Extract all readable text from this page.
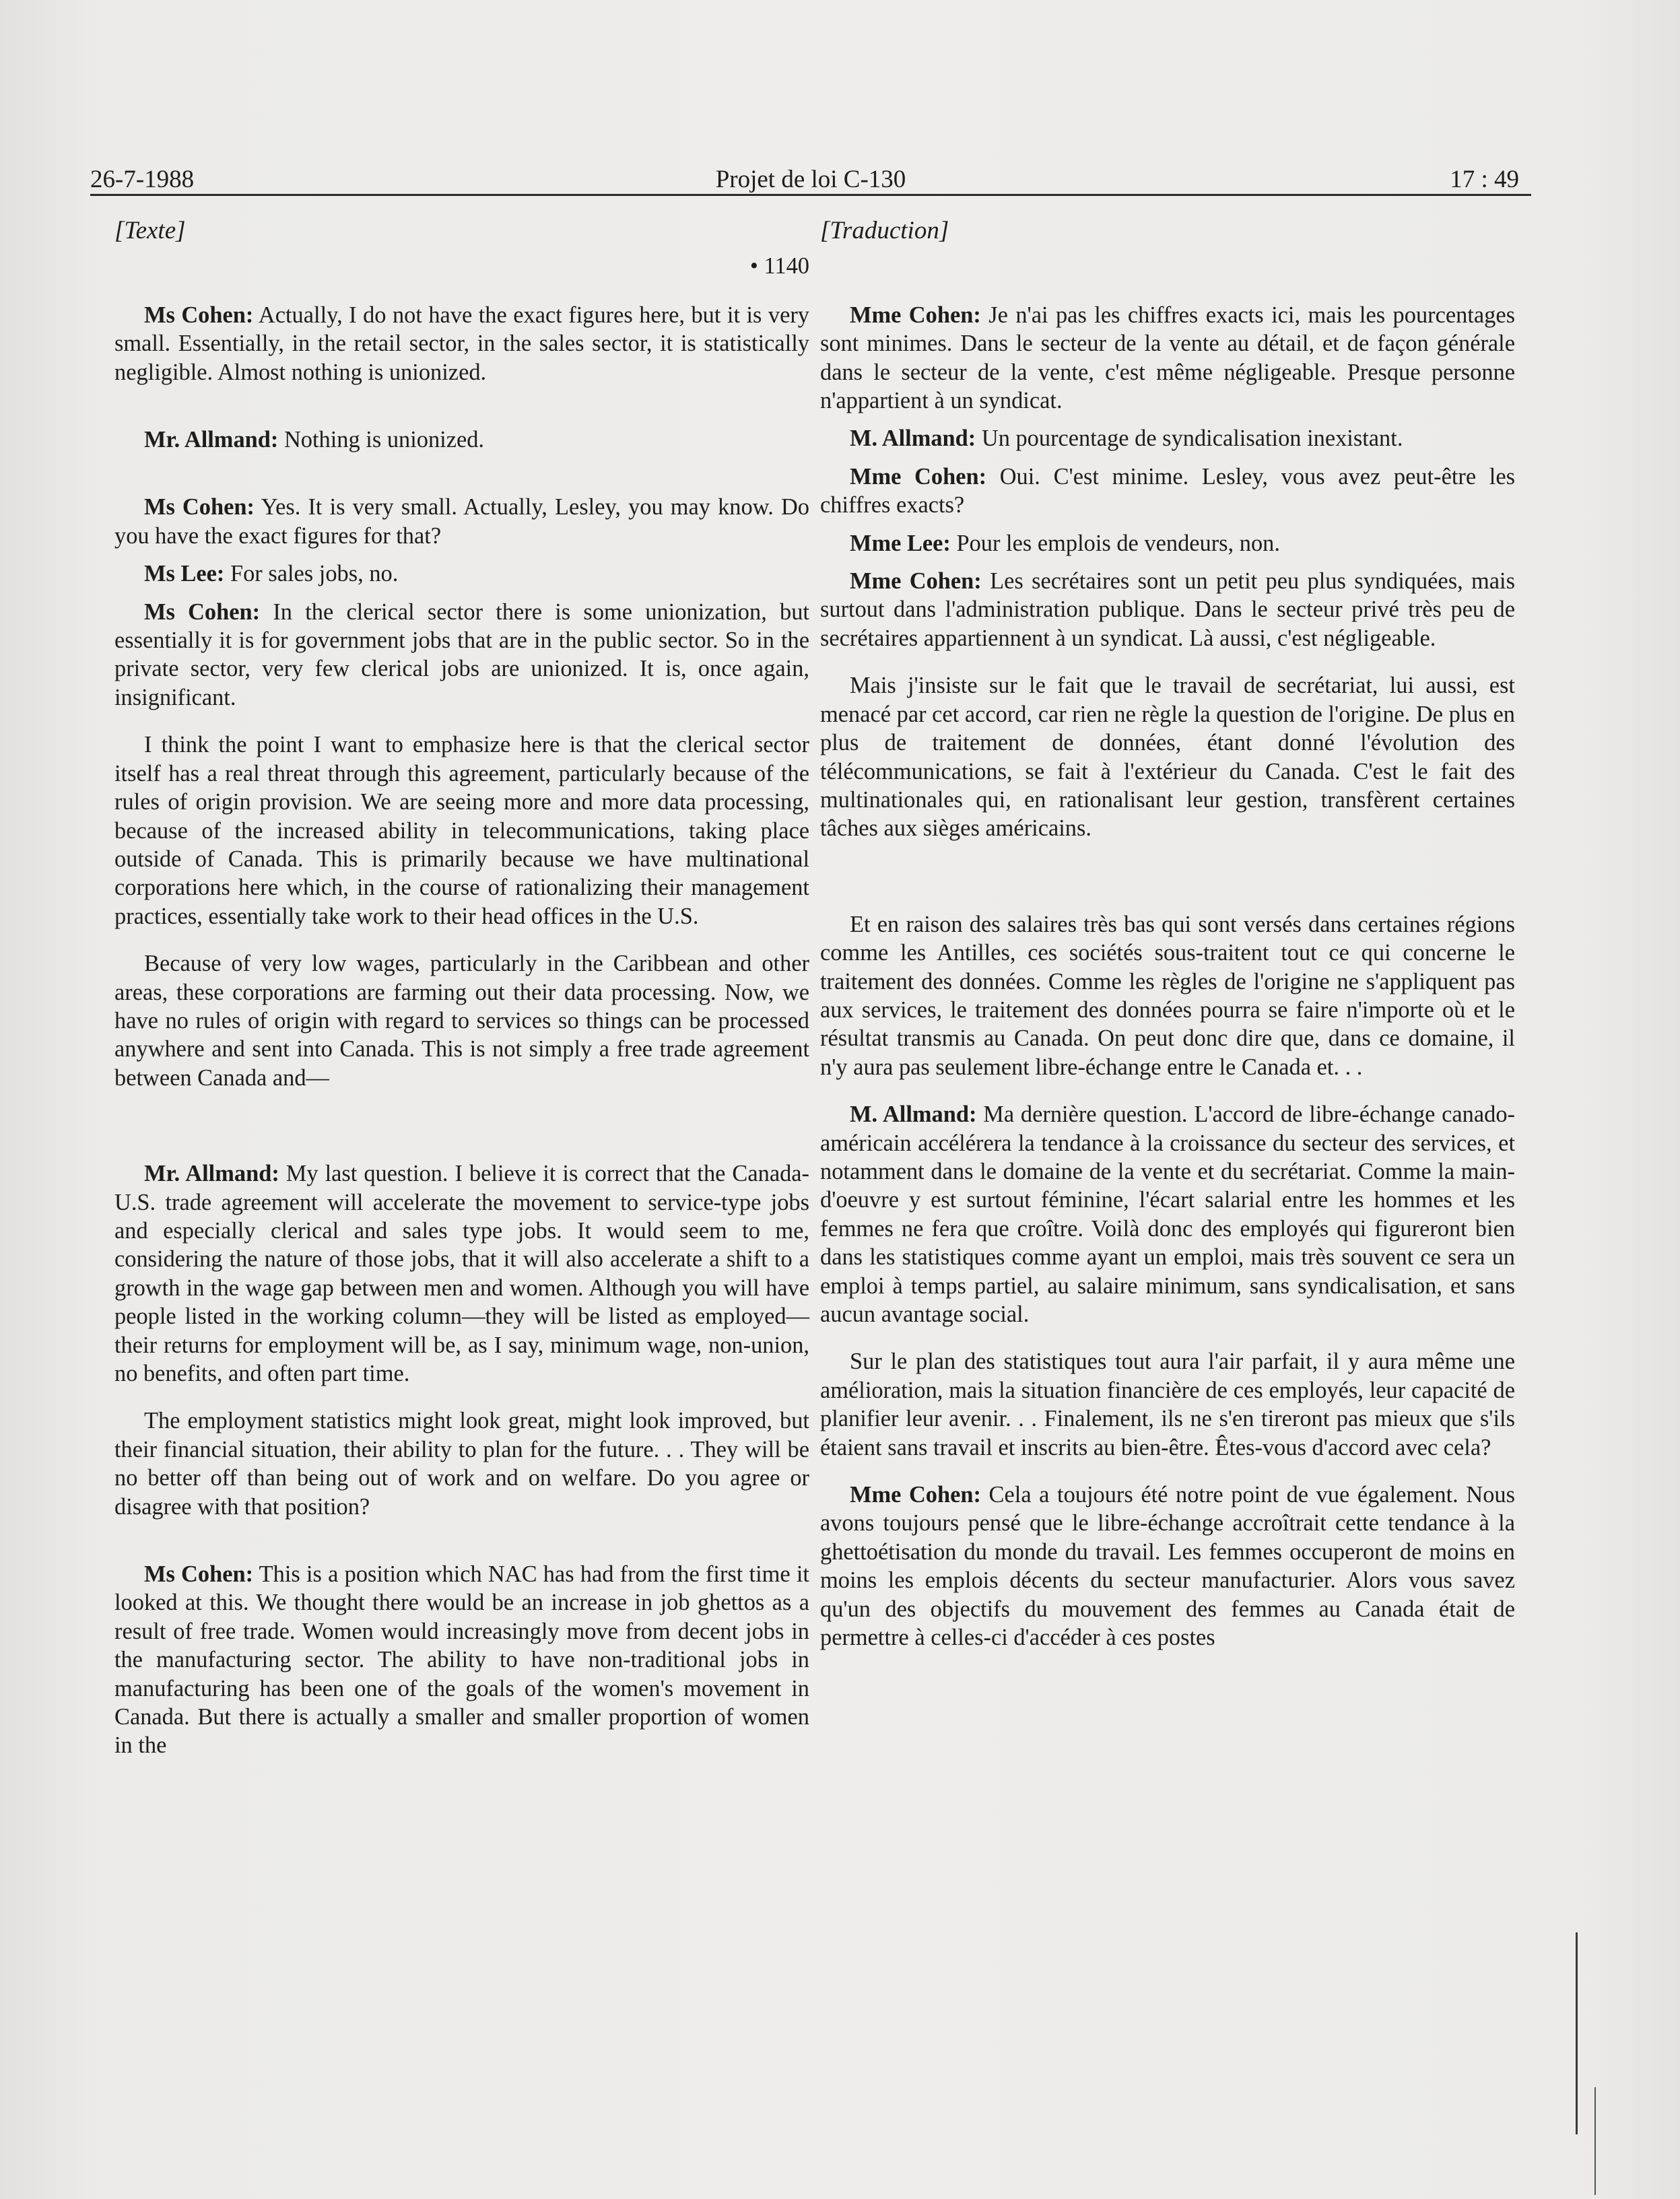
26-7-1988	Projet de loi C-130	17 : 49
[Texte]
• 1140

Ms Cohen: Actually, I do not have the exact figures here, but it is very small. Essentially, in the retail sector, in the sales sector, it is statistically negligible. Almost nothing is unionized.

Mr. Allmand: Nothing is unionized.

Ms Cohen: Yes. It is very small. Actually, Lesley, you may know. Do you have the exact figures for that?

Ms Lee: For sales jobs, no.

Ms Cohen: In the clerical sector there is some unionization, but essentially it is for government jobs that are in the public sector. So in the private sector, very few clerical jobs are unionized. It is, once again, insignificant.

I think the point I want to emphasize here is that the clerical sector itself has a real threat through this agreement, particularly because of the rules of origin provision. We are seeing more and more data processing, because of the increased ability in telecommunications, taking place outside of Canada. This is primarily because we have multinational corporations here which, in the course of rationalizing their management practices, essentially take work to their head offices in the U.S.

Because of very low wages, particularly in the Caribbean and other areas, these corporations are farming out their data processing. Now, we have no rules of origin with regard to services so things can be processed anywhere and sent into Canada. This is not simply a free trade agreement between Canada and—

Mr. Allmand: My last question. I believe it is correct that the Canada-U.S. trade agreement will accelerate the movement to service-type jobs and especially clerical and sales type jobs. It would seem to me, considering the nature of those jobs, that it will also accelerate a shift to a growth in the wage gap between men and women. Although you will have people listed in the working column—they will be listed as employed—their returns for employment will be, as I say, minimum wage, non-union, no benefits, and often part time.

The employment statistics might look great, might look improved, but their financial situation, their ability to plan for the future. . . They will be no better off than being out of work and on welfare. Do you agree or disagree with that position?

Ms Cohen: This is a position which NAC has had from the first time it looked at this. We thought there would be an increase in job ghettos as a result of free trade. Women would increasingly move from decent jobs in the manufacturing sector. The ability to have non-traditional jobs in manufacturing has been one of the goals of the women's movement in Canada. But there is actually a smaller and smaller proportion of women in the

[Traduction]

Mme Cohen: Je n'ai pas les chiffres exacts ici, mais les pourcentages sont minimes. Dans le secteur de la vente au détail, et de façon générale dans le secteur de la vente, c'est même négligeable. Presque personne n'appartient à un syndicat.

M. Allmand: Un pourcentage de syndicalisation inexistant.

Mme Cohen: Oui. C'est minime. Lesley, vous avez peut-être les chiffres exacts?

Mme Lee: Pour les emplois de vendeurs, non.

Mme Cohen: Les secrétaires sont un petit peu plus syndiquées, mais surtout dans l'administration publique. Dans le secteur privé très peu de secrétaires appartiennent à un syndicat. Là aussi, c'est négligeable.

Mais j'insiste sur le fait que le travail de secrétariat, lui aussi, est menacé par cet accord, car rien ne règle la question de l'origine. De plus en plus de traitement de données, étant donné l'évolution des télécommunications, se fait à l'extérieur du Canada. C'est le fait des multinationales qui, en rationalisant leur gestion, transfèrent certaines tâches aux sièges américains.

Et en raison des salaires très bas qui sont versés dans certaines régions comme les Antilles, ces sociétés sous-traitent tout ce qui concerne le traitement des données. Comme les règles de l'origine ne s'appliquent pas aux services, le traitement des données pourra se faire n'importe où et le résultat transmis au Canada. On peut donc dire que, dans ce domaine, il n'y aura pas seulement libre-échange entre le Canada et. . .

M. Allmand: Ma dernière question. L'accord de libre-échange canado-américain accélérera la tendance à la croissance du secteur des services, et notamment dans le domaine de la vente et du secrétariat. Comme la main-d'oeuvre y est surtout féminine, l'écart salarial entre les hommes et les femmes ne fera que croître. Voilà donc des employés qui figureront bien dans les statistiques comme ayant un emploi, mais très souvent ce sera un emploi à temps partiel, au salaire minimum, sans syndicalisation, et sans aucun avantage social.

Sur le plan des statistiques tout aura l'air parfait, il y aura même une amélioration, mais la situation financière de ces employés, leur capacité de planifier leur avenir. . . Finalement, ils ne s'en tireront pas mieux que s'ils étaient sans travail et inscrits au bien-être. Êtes-vous d'accord avec cela?

Mme Cohen: Cela a toujours été notre point de vue également. Nous avons toujours pensé que le libre-échange accroîtrait cette tendance à la ghettoétisation du monde du travail. Les femmes occuperont de moins en moins les emplois décents du secteur manufacturier. Alors vous savez qu'un des objectifs du mouvement des femmes au Canada était de permettre à celles-ci d'accéder à ces postes
